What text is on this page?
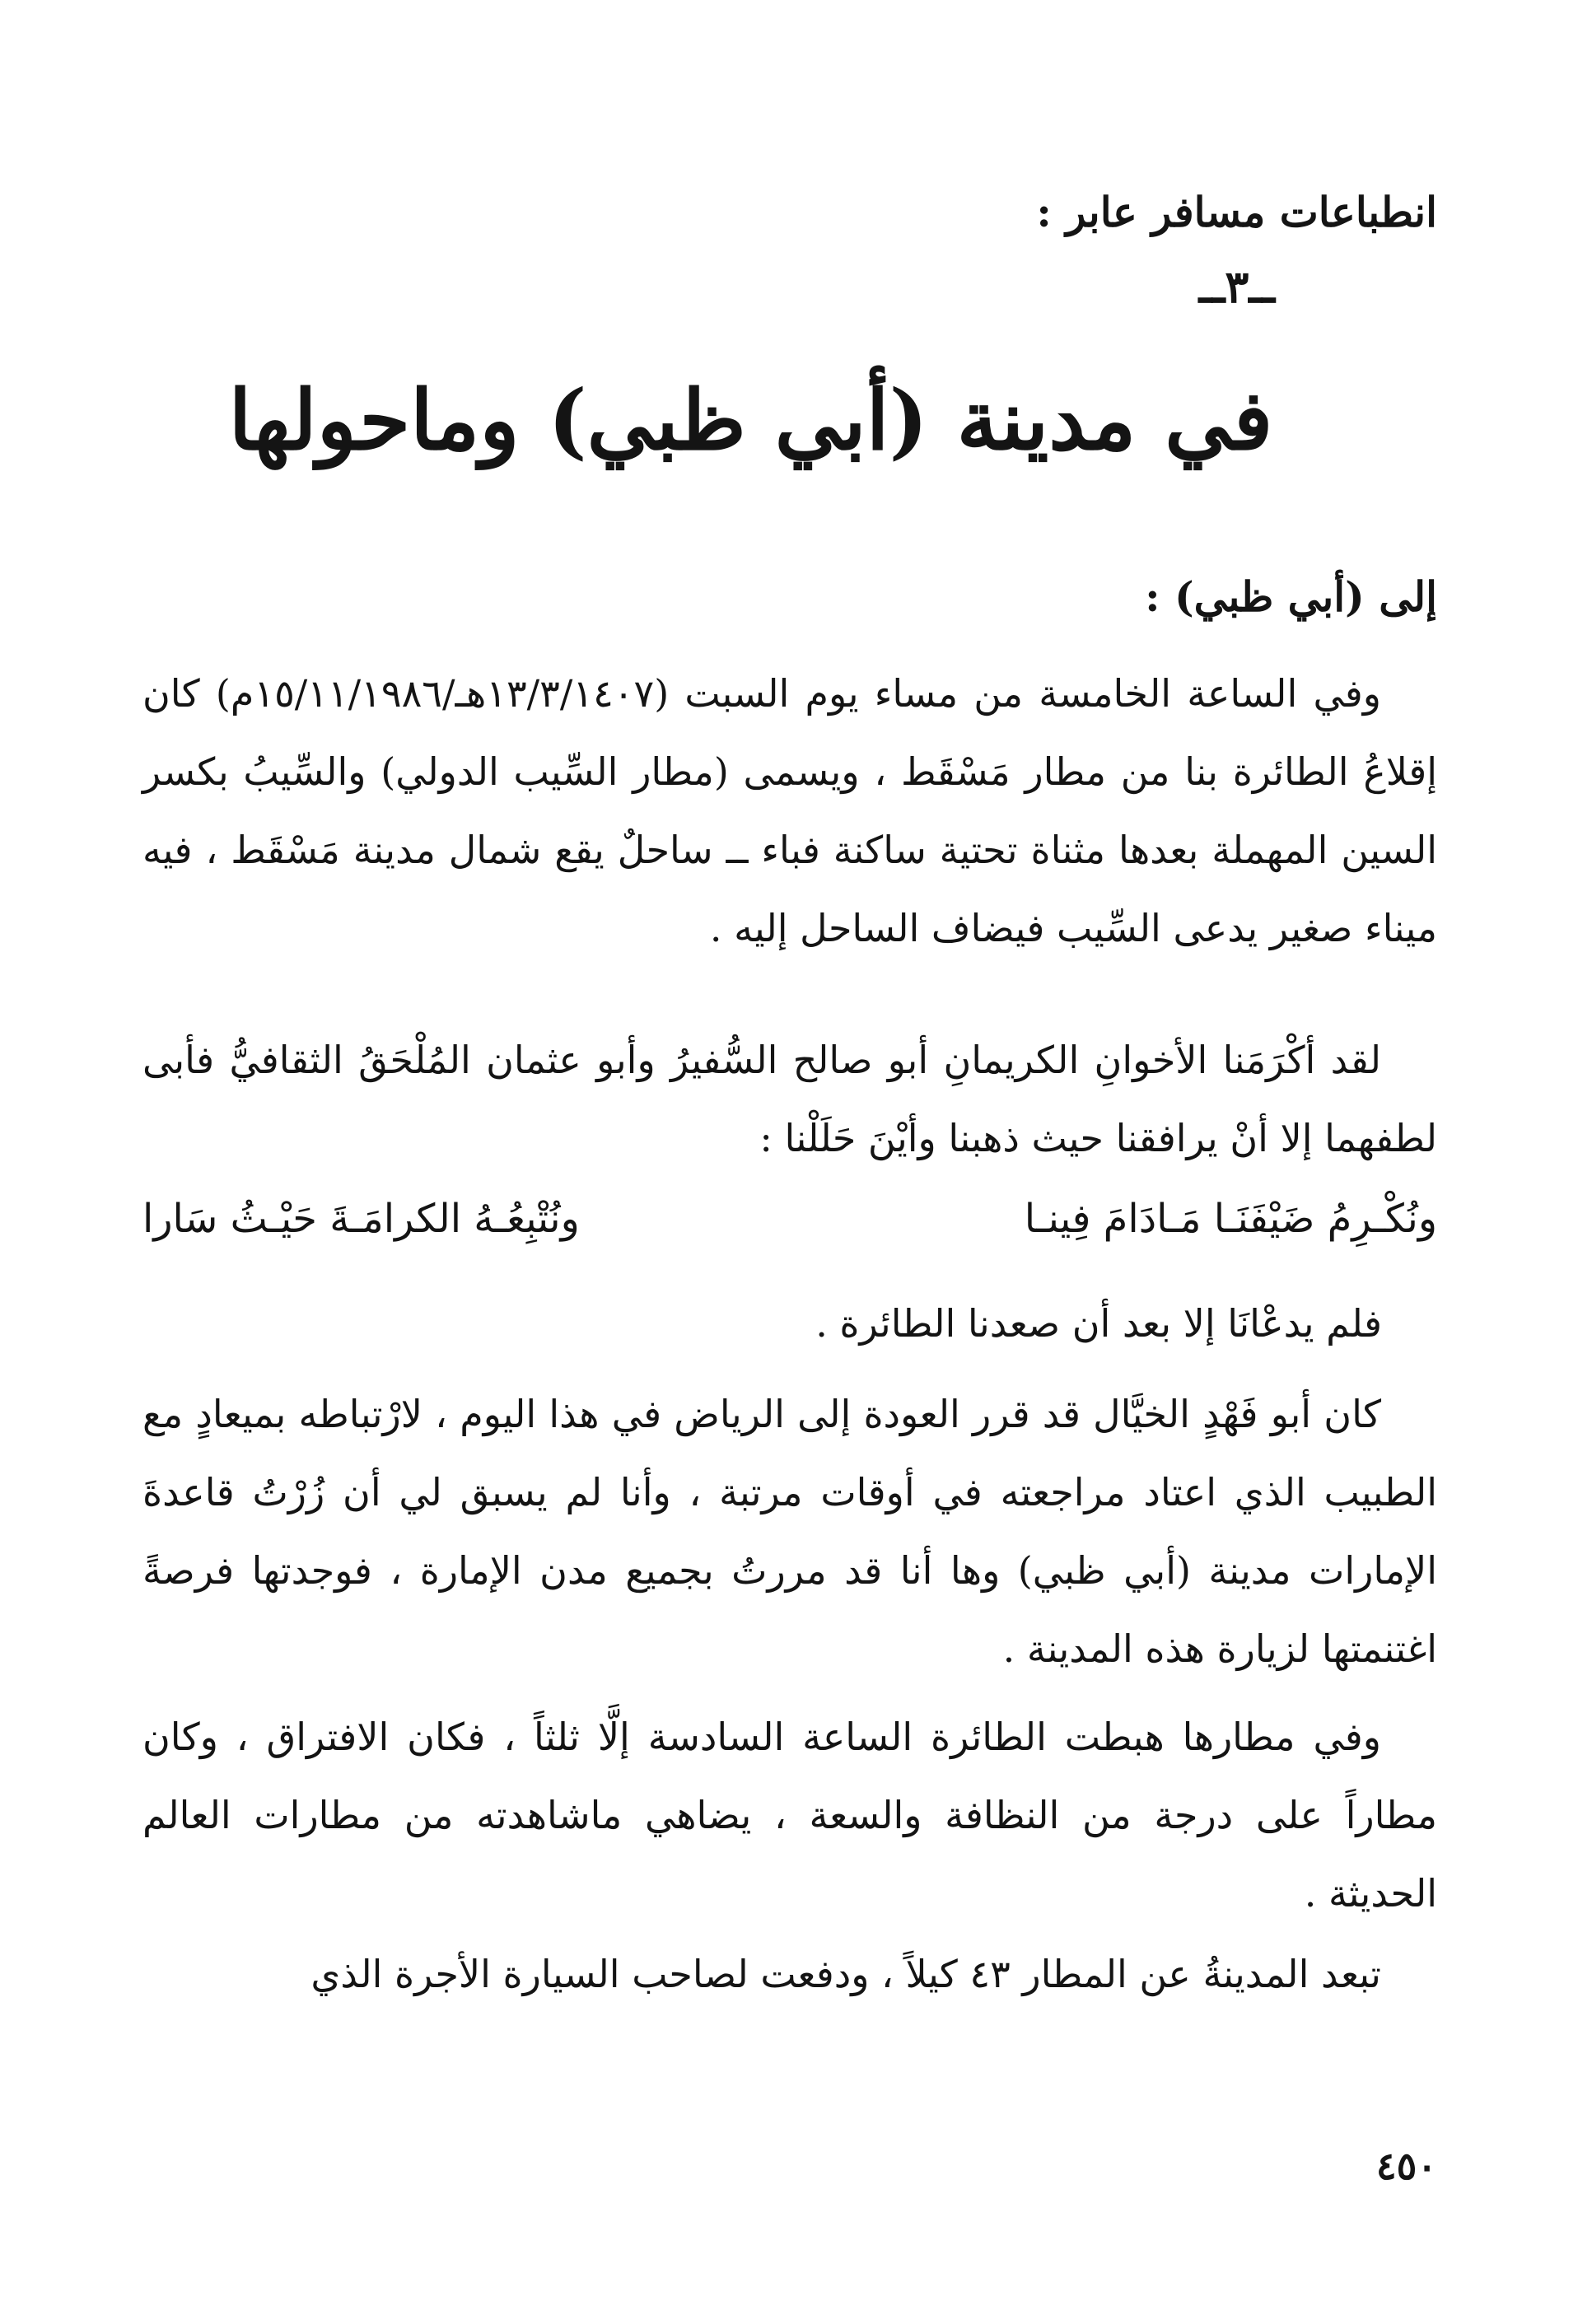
انطباعات مسافر عابر :
ــ٣ــ
في مدينة (أبي ظبي) وماحولها
إلى (أبي ظبي) :
وفي الساعة الخامسة من مساء يوم السبت (١٣/٣/١٤٠٧هـ/١٥/١١/١٩٨٦م) كان إقلاعُ الطائرة بنا من مطار مَسْقَط ، ويسمى (مطار السِّيب الدولي) والسِّيبُ بكسر السين المهملة بعدها مثناة تحتية ساكنة فباء ــ ساحلٌ يقع شمال مدينة مَسْقَط ، فيه ميناء صغير يدعى السِّيب فيضاف الساحل إليه .
لقد أكْرَمَنا الأخوانِ الكريمانِ أبو صالح السُّفيرُ وأبو عثمان المُلْحَقُ الثقافيُّ فأبى لطفهما إلا أنْ يرافقنا حيث ذهبنا وأيْنَ حَلَلْنا :
ونُكْـرِمُ ضَيْفَنَـا مَـادَامَ فِينـا
ونُتْبِعُـهُ الكرامَـةَ حَيْـثُ سَارا
فلم يدعْانَا إلا بعد أن صعدنا الطائرة .
كان أبو فَهْدٍ الخيَّال قد قرر العودة إلى الرياض في هذا اليوم ، لارْتباطه بميعادٍ مع الطبيب الذي اعتاد مراجعته في أوقات مرتبة ، وأنا لم يسبق لي أن زُرْتُ قاعدةَ الإمارات مدينة (أبي ظبي) وها أنا قد مررتُ بجميع مدن الإمارة ، فوجدتها فرصةً اغتنمتها لزيارة هذه المدينة .
وفي مطارها هبطت الطائرة الساعة السادسة إلَّا ثلثاً ، فكان الافتراق ، وكان مطاراً على درجة من النظافة والسعة ، يضاهي ماشاهدته من مطارات العالم الحديثة .
تبعد المدينةُ عن المطار ٤٣ كيلاً ، ودفعت لصاحب السيارة الأجرة الذي
٤٥٠
